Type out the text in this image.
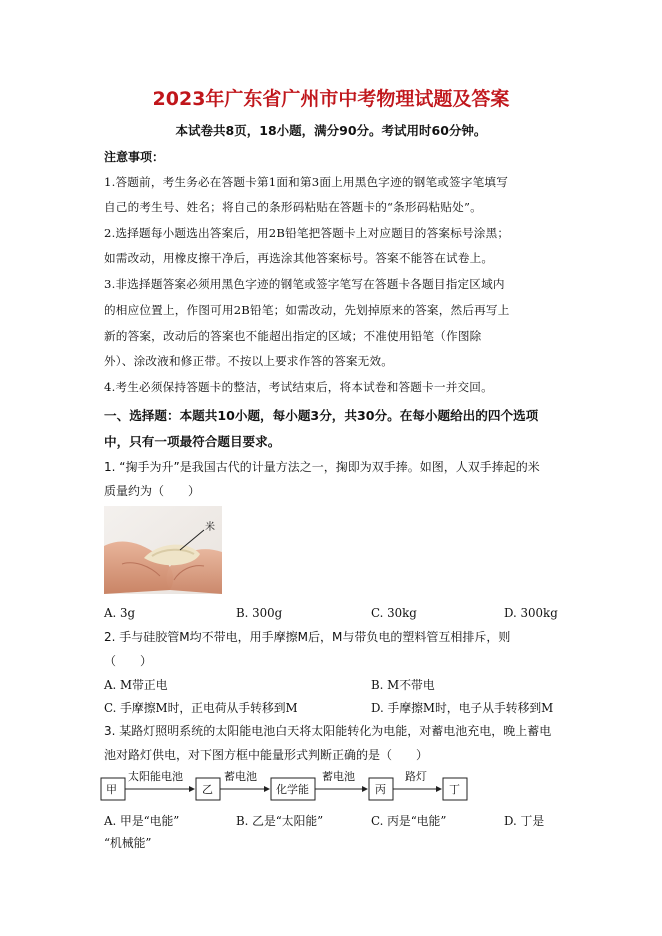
2023年广东省广州市中考物理试题及答案
本试卷共8页，18小题，满分90分。考试用时60分钟。
注意事项：
1.答题前，考生务必在答题卡第1面和第3面上用黑色字迹的钢笔或签字笔填写
自己的考生号、姓名；将自己的条形码粘贴在答题卡的“条形码粘贴处”。
2.选择题每小题选出答案后，用2B铅笔把答题卡上对应题目的答案标号涂黑；
如需改动，用橡皮擦干净后，再选涂其他答案标号。答案不能答在试卷上。
3.非选择题答案必须用黑色字迹的钢笔或签字笔写在答题卡各题目指定区域内
的相应位置上，作图可用2B铅笔；如需改动，先划掉原来的答案，然后再写上
新的答案，改动后的答案也不能超出指定的区域；不准使用铅笔（作图除
外）、涂改液和修正带。不按以上要求作答的答案无效。
4.考生必须保持答题卡的整洁，考试结束后，将本试卷和答题卡一并交回。
一、选择题：本题共10小题，每小题3分，共30分。在每小题给出的四个选项
中，只有一项最符合题目要求。
1. “掬手为升”是我国古代的计量方法之一，掬即为双手捧。如图，人双手捧起的米
质量约为（　　）
米
A. 3g	B. 300g	C. 30kg	D. 300kg
2. 手与硅胶管M均不带电，用手摩擦M后，M与带负电的塑料管互相排斥，则
（　　）
A. M带正电	B. M不带电
C. 手摩擦M时，正电荷从手转移到M	D. 手摩擦M时，电子从手转移到M
3. 某路灯照明系统的太阳能电池白天将太阳能转化为电能，对蓄电池充电，晚上蓄电
池对路灯供电，对下图方框中能量形式判断正确的是（　　）
甲	乙	化学能	丙	丁
太阳能电池	蓄电池	蓄电池	路灯
A. 甲是“电能”	B. 乙是“太阳能”	C. 丙是“电能”	D. 丁是
“机械能”
